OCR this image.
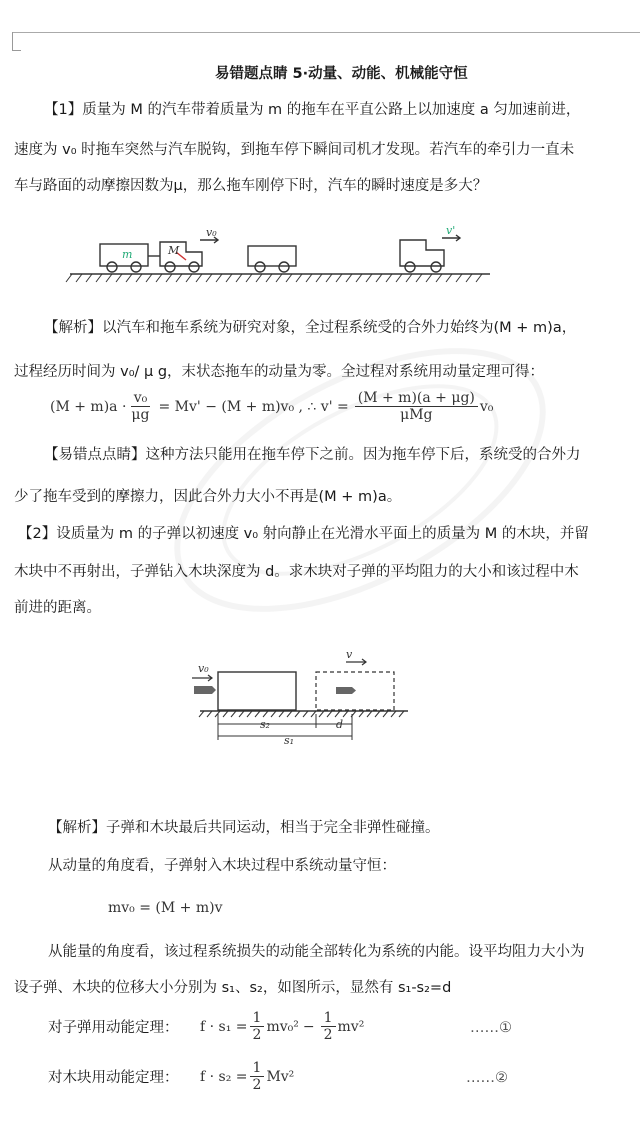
易错题点睛 5·动量、动能、机械能守恒
【1】质量为 M 的汽车带着质量为 m 的拖车在平直公路上以加速度 a 匀加速前进，
速度为 v₀ 时拖车突然与汽车脱钩，到拖车停下瞬间司机才发现。若汽车的牵引力一直未
车与路面的动摩擦因数为μ，那么拖车刚停下时，汽车的瞬时速度是多大？
m	M
v₀	v'
【解析】以汽车和拖车系统为研究对象，全过程系统受的合外力始终为(M + m)a，
过程经历时间为 v₀/ μ g，末状态拖车的动量为零。全过程对系统用动量定理可得：
$(M + m)a \cdot \frac{\text{v₀}}{\mu g} = Mv' - (M + m)v_0$ , ∴ $v' = \frac{(M + m)(a + \mu g)}{\text{μMg}} v_0$
【易错点点睛】这种方法只能用在拖车停下之前。因为拖车停下后，系统受的合外力
少了拖车受到的摩擦力，因此合外力大小不再是(M + m)a。
【2】设质量为 m 的子弹以初速度 v₀ 射向静止在光滑水平面上的质量为 M 的木块，并留
木块中不再射出，子弹钻入木块深度为 d。求木块对子弹的平均阻力的大小和该过程中木
前进的距离。
v₀
v
s₂	d
s₁
【解析】子弹和木块最后共同运动，相当于完全非弹性碰撞。
从动量的角度看，子弹射入木块过程中系统动量守恒：
mv₀ = (M + m)v
从能量的角度看，该过程系统损失的动能全部转化为系统的内能。设平均阻力大小为
设子弹、木块的位移大小分别为 s₁、s₂，如图所示，显然有 s₁-s₂=d
对子弹用动能定理： $f \cdot s_1 = \frac{1}{2} mv_0^2 - \frac{1}{2} mv^2$	……①
对木块用动能定理： $f \cdot s_2 = \frac{1}{2} Mv^2$	……②
